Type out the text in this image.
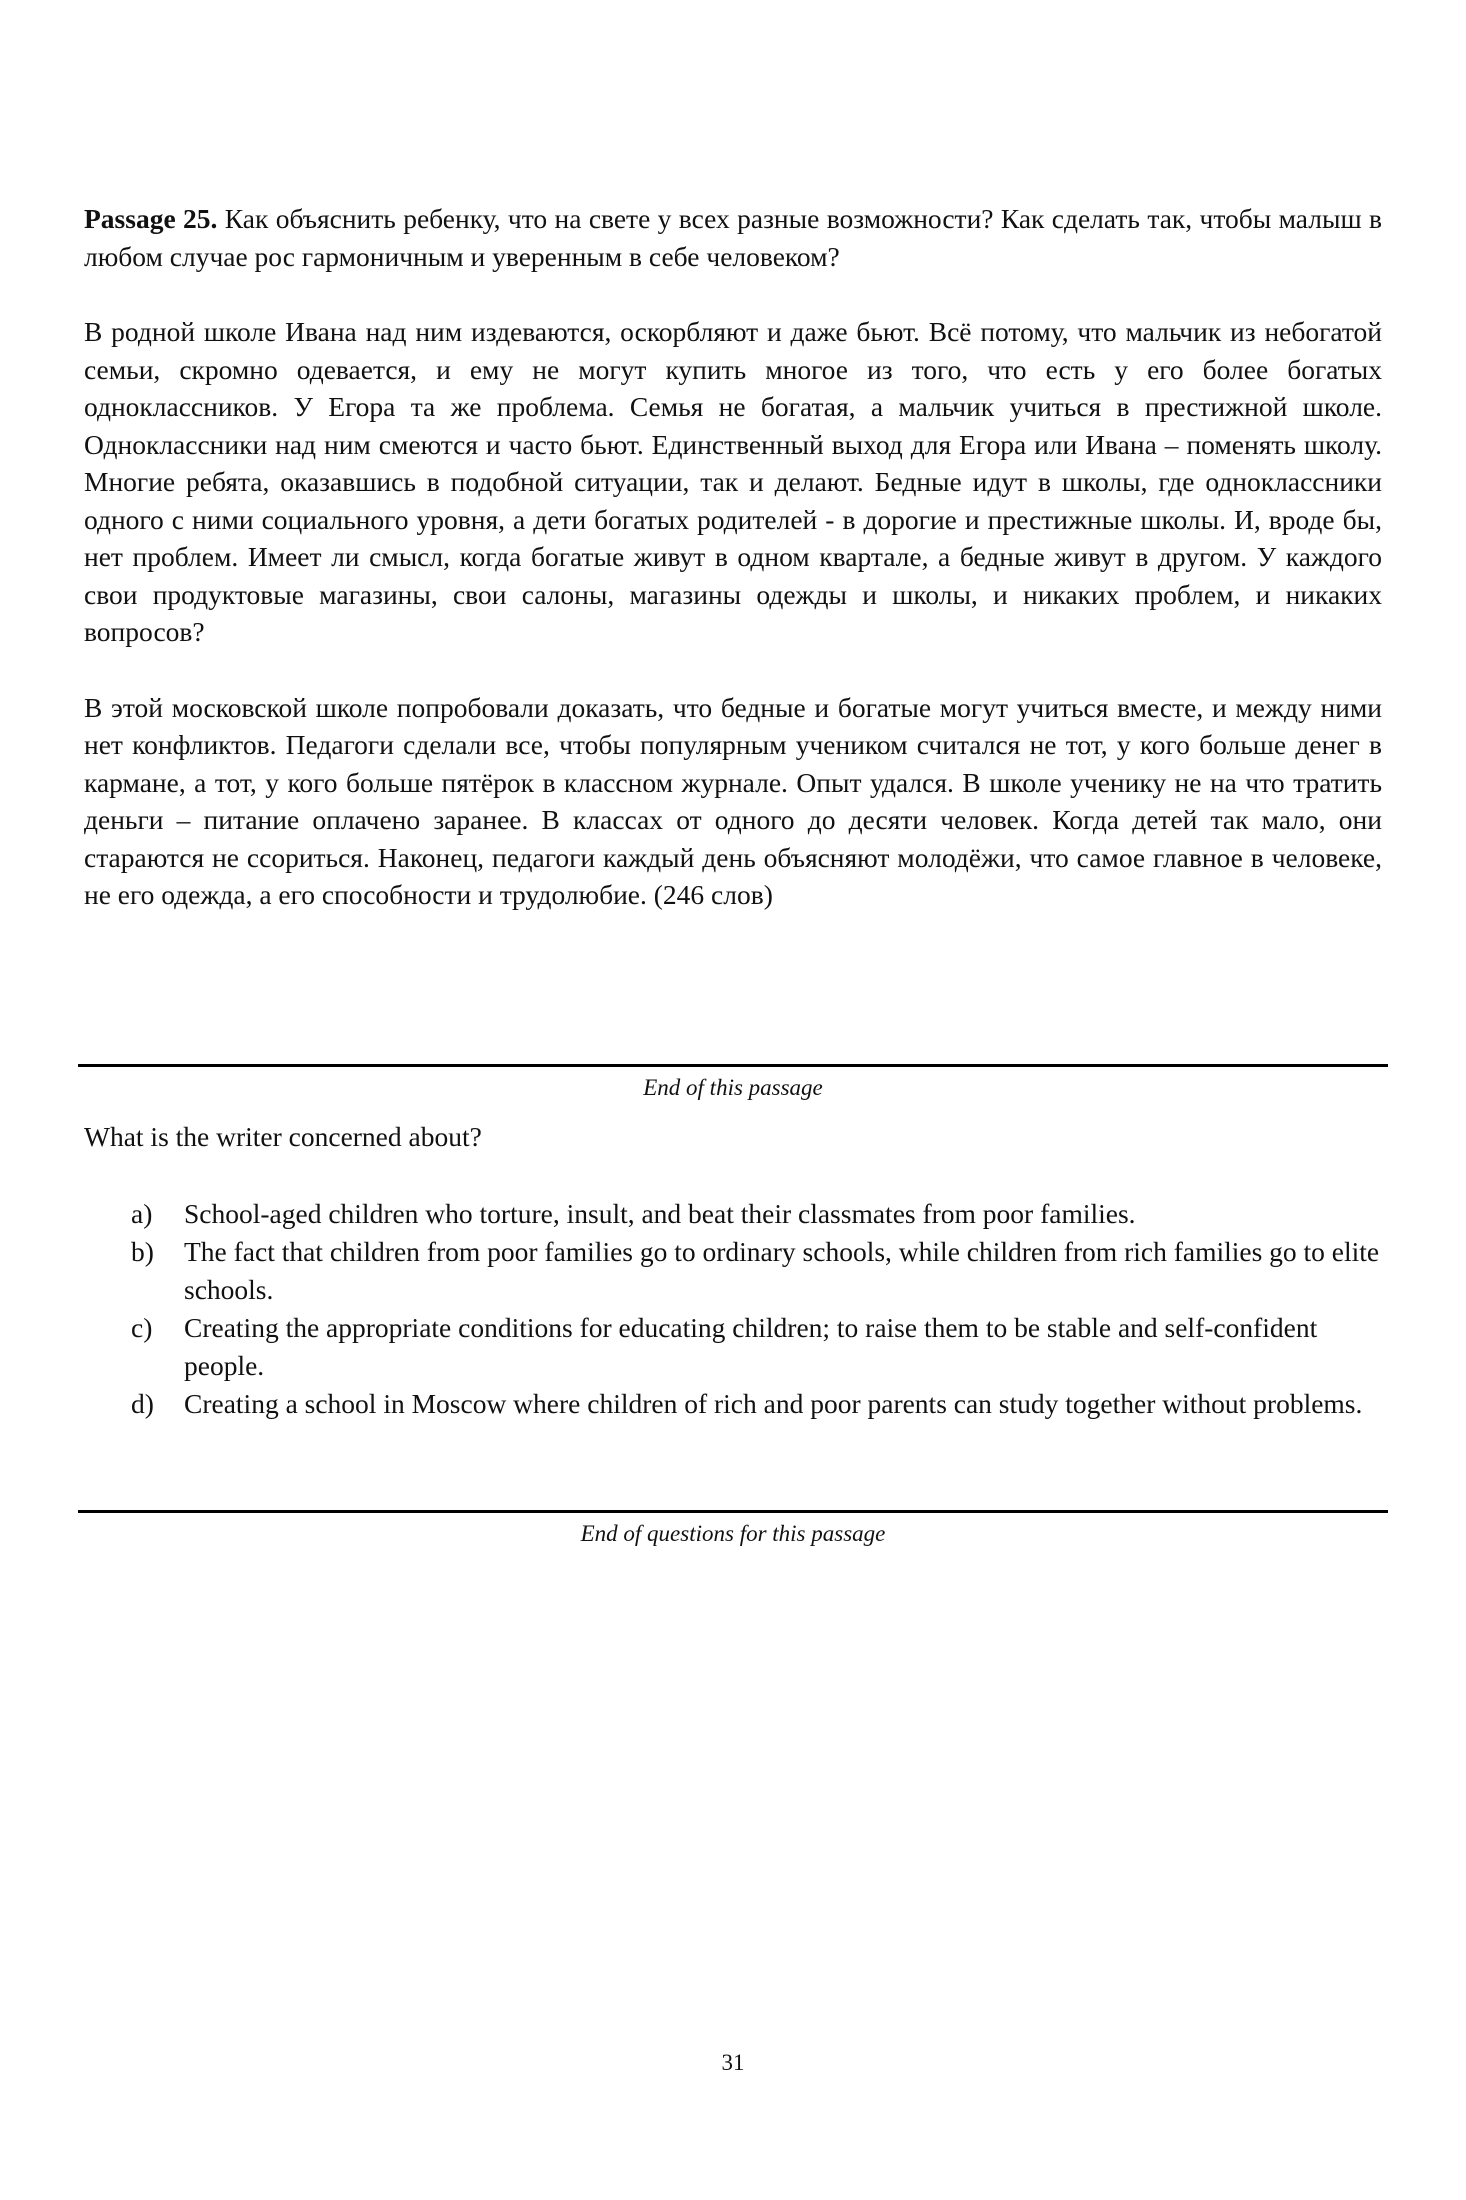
Passage 25. Как объяснить ребенку, что на свете у всех разные возможности? Как сделать так, чтобы малыш в любом случае рос гармоничным и уверенным в себе человеком?

В родной школе Ивана над ним издеваются, оскорбляют и даже бьют. Всё потому, что мальчик из небогатой семьи, скромно одевается, и ему не могут купить многое из того, что есть у его более богатых одноклассников. У Егора та же проблема. Семья не богатая, а мальчик учиться в престижной школе. Одноклассники над ним смеются и часто бьют. Единственный выход для Егора или Ивана – поменять школу. Многие ребята, оказавшись в подобной ситуации, так и делают. Бедные идут в школы, где одноклассники одного с ними социального уровня, а дети богатых родителей - в дорогие и престижные школы. И, вроде бы, нет проблем. Имеет ли смысл, когда богатые живут в одном квартале, а бедные живут в другом. У каждого свои продуктовые магазины, свои салоны, магазины одежды и школы, и никаких проблем, и никаких вопросов?

В этой московской школе попробовали доказать, что бедные и богатые могут учиться вместе, и между ними нет конфликтов. Педагоги сделали все, чтобы популярным учеником считался не тот, у кого больше денег в кармане, а тот, у кого больше пятёрок в классном журнале. Опыт удался. В школе ученику не на что тратить деньги – питание оплачено заранее. В классах от одного до десяти человек. Когда детей так мало, они стараются не ссориться. Наконец, педагоги каждый день объясняют молодёжи, что самое главное в человеке, не его одежда, а его способности и трудолюбие. (246 слов)

End of this passage

What is the writer concerned about?

a) School-aged children who torture, insult, and beat their classmates from poor families.
b) The fact that children from poor families go to ordinary schools, while children from rich families go to elite schools.
c) Creating the appropriate conditions for educating children; to raise them to be stable and self-confident people.
d) Creating a school in Moscow where children of rich and poor parents can study together without problems.
End of questions for this passage
31
